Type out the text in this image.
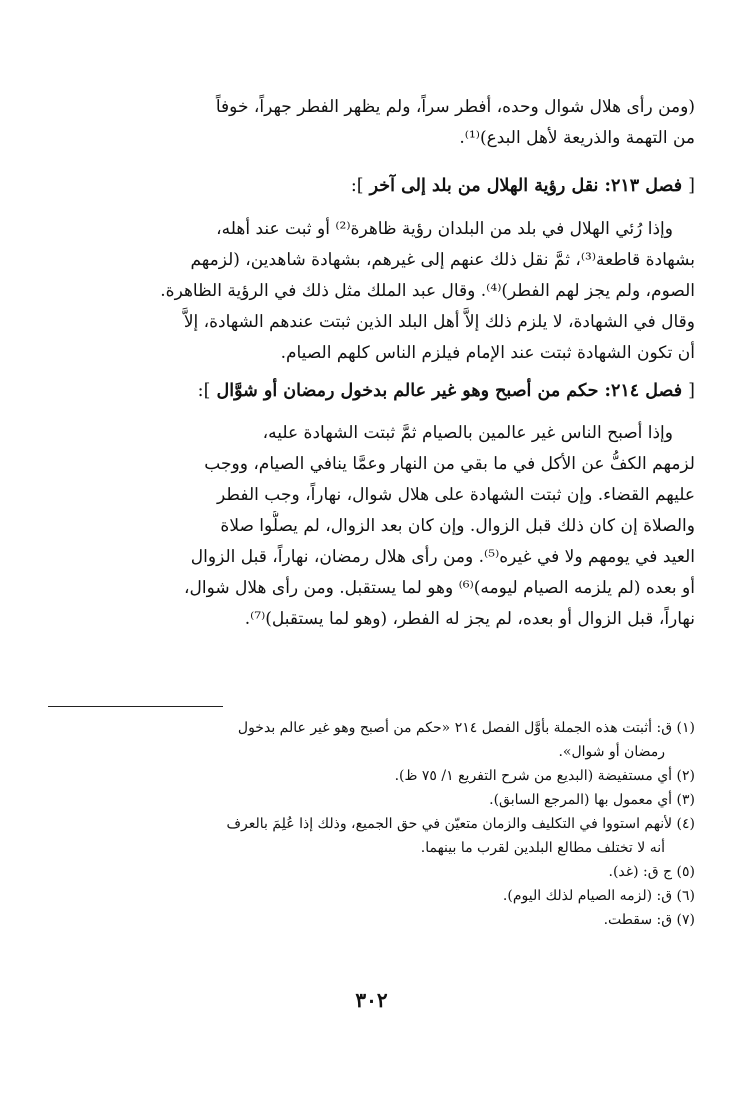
(ومن رأى هلال شوال وحده، أفطر سراً، ولم يظهر الفطر جهراً، خوفاً
من التهمة والذريعة لأهل البدع)⁽¹⁾.
[ فصل ٢١٣: نقل رؤية الهلال من بلد إلى آخر ]:
وإذا رُئي الهلال في بلد من البلدان رؤية ظاهرة⁽²⁾ أو ثبت عند أهله،
بشهادة قاطعة⁽³⁾، ثمَّ نقل ذلك عنهم إلى غيرهم، بشهادة شاهدين، (لزمهم
الصوم، ولم يجز لهم الفطر)⁽⁴⁾. وقال عبد الملك مثل ذلك في الرؤية الظاهرة.
وقال في الشهادة، لا يلزم ذلك إلاَّ أهل البلد الذين ثبتت عندهم الشهادة، إلاَّ
أن تكون الشهادة ثبتت عند الإمام فيلزم الناس كلهم الصيام.
[ فصل ٢١٤: حكم من أصبح وهو غير عالم بدخول رمضان أو شوَّال ]:
وإذا أصبح الناس غير عالمين بالصيام ثمَّ ثبتت الشهادة عليه،
لزمهم الكفُّ عن الأكل في ما بقي من النهار وعمَّا ينافي الصيام، ووجب
عليهم القضاء. وإن ثبتت الشهادة على هلال شوال، نهاراً، وجب الفطر
والصلاة إن كان ذلك قبل الزوال. وإن كان بعد الزوال، لم يصلُّوا صلاة
العيد في يومهم ولا في غيره⁽⁵⁾. ومن رأى هلال رمضان، نهاراً، قبل الزوال
أو بعده (لم يلزمه الصيام ليومه)⁽⁶⁾ وهو لما يستقبل. ومن رأى هلال شوال،
نهاراً، قبل الزوال أو بعده، لم يجز له الفطر، (وهو لما يستقبل)⁽⁷⁾.
(١) ق: أثبتت هذه الجملة بأوَّل الفصل ٢١٤ «حكم من أصبح وهو غير عالم بدخول
رمضان أو شوال».
(٢) أي مستفيضة (البديع من شرح التفريع ١/ ٧٥ ظ).
(٣) أي معمول بها (المرجع السابق).
(٤) لأنهم استووا في التكليف والزمان متعيّن في حق الجميع، وذلك إذا عُلِمَ بالعرف
أنه لا تختلف مطالع البلدين لقرب ما بينهما.
(٥) ج ق: (غد).
(٦) ق: (لزمه الصيام لذلك اليوم).
(٧) ق: سقطت.
٣٠٢
